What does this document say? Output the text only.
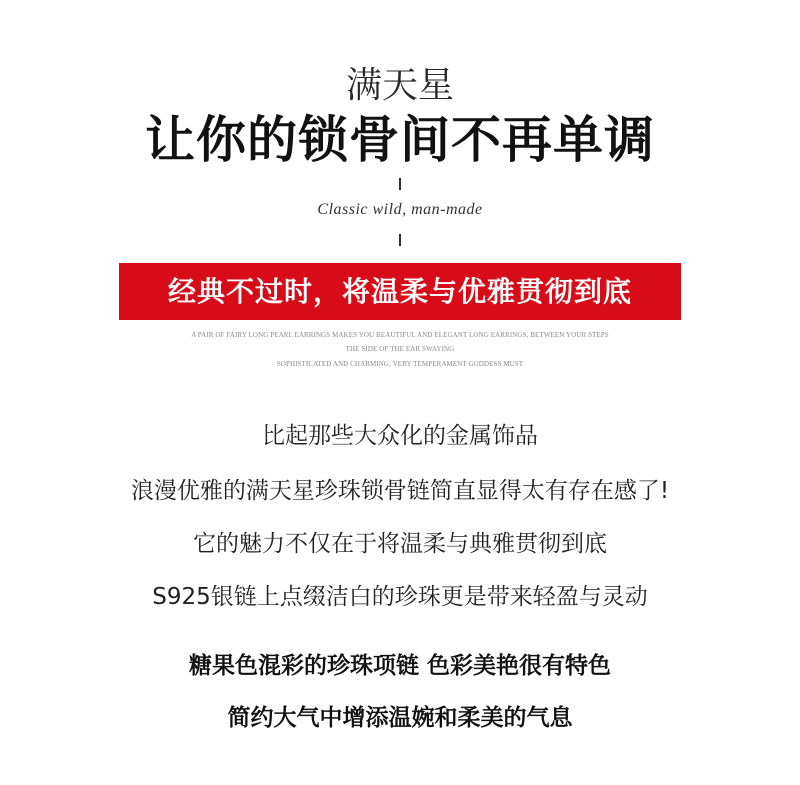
满天星
让你的锁骨间不再单调
Classic wild, man-made
经典不过时，将温柔与优雅贯彻到底
A PAIR OF FAIRY LONG PEARL EARRINGS MAKES YOU BEAUTIFUL AND ELEGANT LONG EARRINGS, BETWEEN YOUR STEPS
THE SIDE OF THE EAR SWAYING
SOPHISTICATED AND CHARMING, VERY TEMPERAMENT GODDESS MUST
比起那些大众化的金属饰品
浪漫优雅的满天星珍珠锁骨链简直显得太有存在感了!
它的魅力不仅在于将温柔与典雅贯彻到底
S925银链上点缀洁白的珍珠更是带来轻盈与灵动
糖果色混彩的珍珠项链 色彩美艳很有特色
简约大气中增添温婉和柔美的气息
